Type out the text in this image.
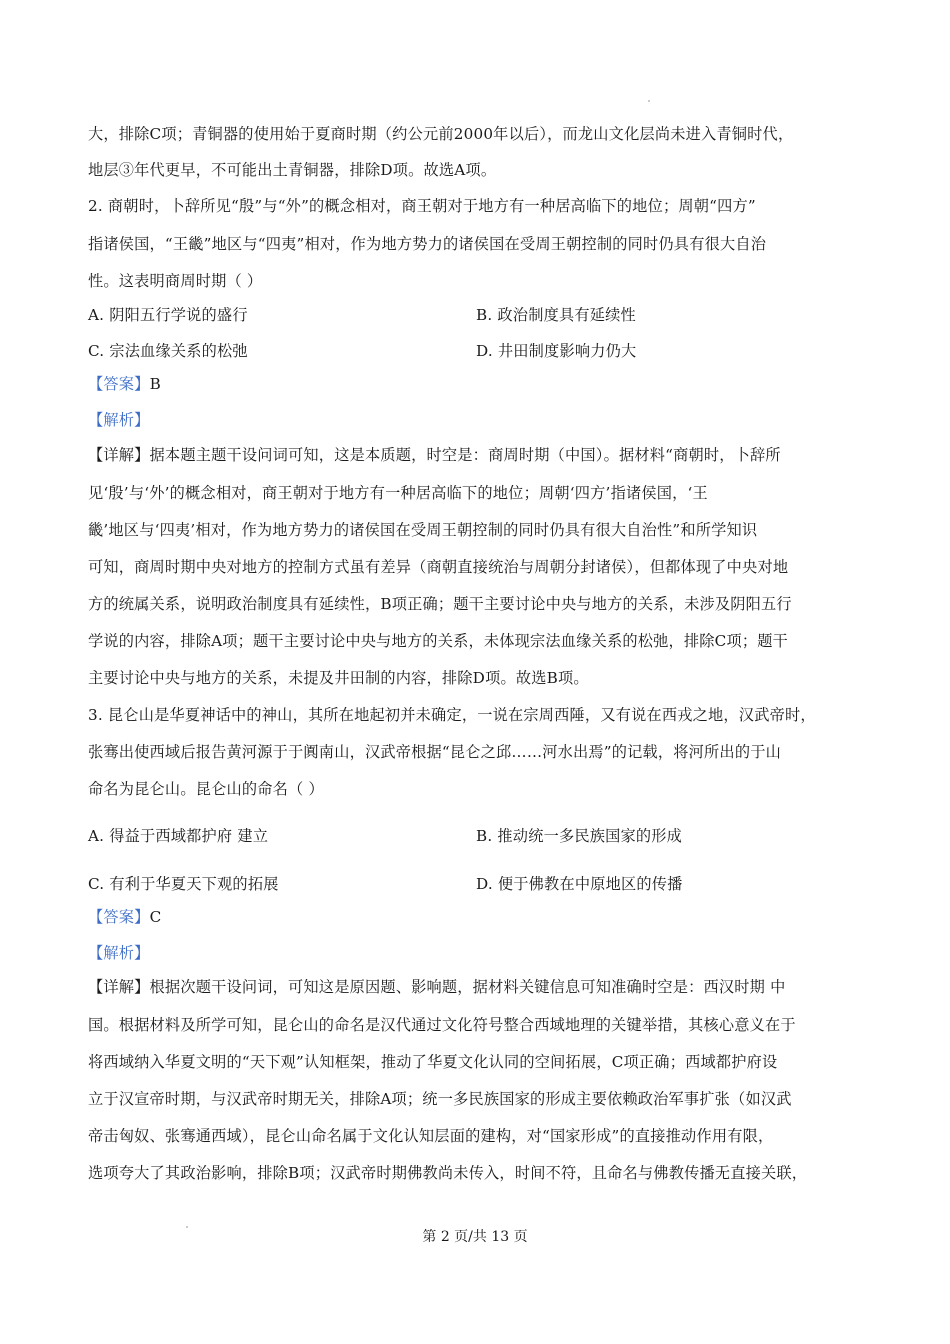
大，排除C项；青铜器的使用始于夏商时期（约公元前2000年以后），而龙山文化层尚未进入青铜时代，
地层③年代更早，不可能出土青铜器，排除D项。故选A项。
2. 商朝时，卜辞所见“殷”与“外”的概念相对，商王朝对于地方有一种居高临下的地位；周朝“四方”
指诸侯国，“王畿”地区与“四夷”相对，作为地方势力的诸侯国在受周王朝控制的同时仍具有很大自治
性。这表明商周时期（ ）
A. 阴阳五行学说的盛行	B. 政治制度具有延续性
C. 宗法血缘关系的松弛	D. 井田制度影响力仍大
【答案】B
【解析】
【详解】据本题主题干设问词可知，这是本质题，时空是：商周时期（中国）。据材料“商朝时，卜辞所
见‘殷’与‘外’的概念相对，商王朝对于地方有一种居高临下的地位；周朝‘四方’指诸侯国，‘王
畿’地区与‘四夷’相对，作为地方势力的诸侯国在受周王朝控制的同时仍具有很大自治性”和所学知识
可知，商周时期中央对地方的控制方式虽有差异（商朝直接统治与周朝分封诸侯），但都体现了中央对地
方的统属关系，说明政治制度具有延续性，B项正确；题干主要讨论中央与地方的关系，未涉及阴阳五行
学说的内容，排除A项；题干主要讨论中央与地方的关系，未体现宗法血缘关系的松弛，排除C项；题干
主要讨论中央与地方的关系，未提及井田制的内容，排除D项。故选B项。
3. 昆仑山是华夏神话中的神山，其所在地起初并未确定，一说在宗周西陲，又有说在西戎之地，汉武帝时，
张骞出使西域后报告黄河源于于阗南山，汉武帝根据“昆仑之邱……河水出焉”的记载，将河所出的于山
命名为昆仑山。昆仑山的命名（ ）
A. 得益于西域都护府 建立	B. 推动统一多民族国家的形成
C. 有利于华夏天下观的拓展	D. 便于佛教在中原地区的传播
【答案】C
【解析】
【详解】根据次题干设问词，可知这是原因题、影响题，据材料关键信息可知准确时空是：西汉时期 中
国。根据材料及所学可知，昆仑山的命名是汉代通过文化符号整合西域地理的关键举措，其核心意义在于
将西域纳入华夏文明的“天下观”认知框架，推动了华夏文化认同的空间拓展，C项正确；西域都护府设
立于汉宣帝时期，与汉武帝时期无关，排除A项；统一多民族国家的形成主要依赖政治军事扩张（如汉武
帝击匈奴、张骞通西域），昆仑山命名属于文化认知层面的建构，对“国家形成”的直接推动作用有限，
选项夸大了其政治影响，排除B项；汉武帝时期佛教尚未传入，时间不符，且命名与佛教传播无直接关联，
第 2 页/共 13 页
